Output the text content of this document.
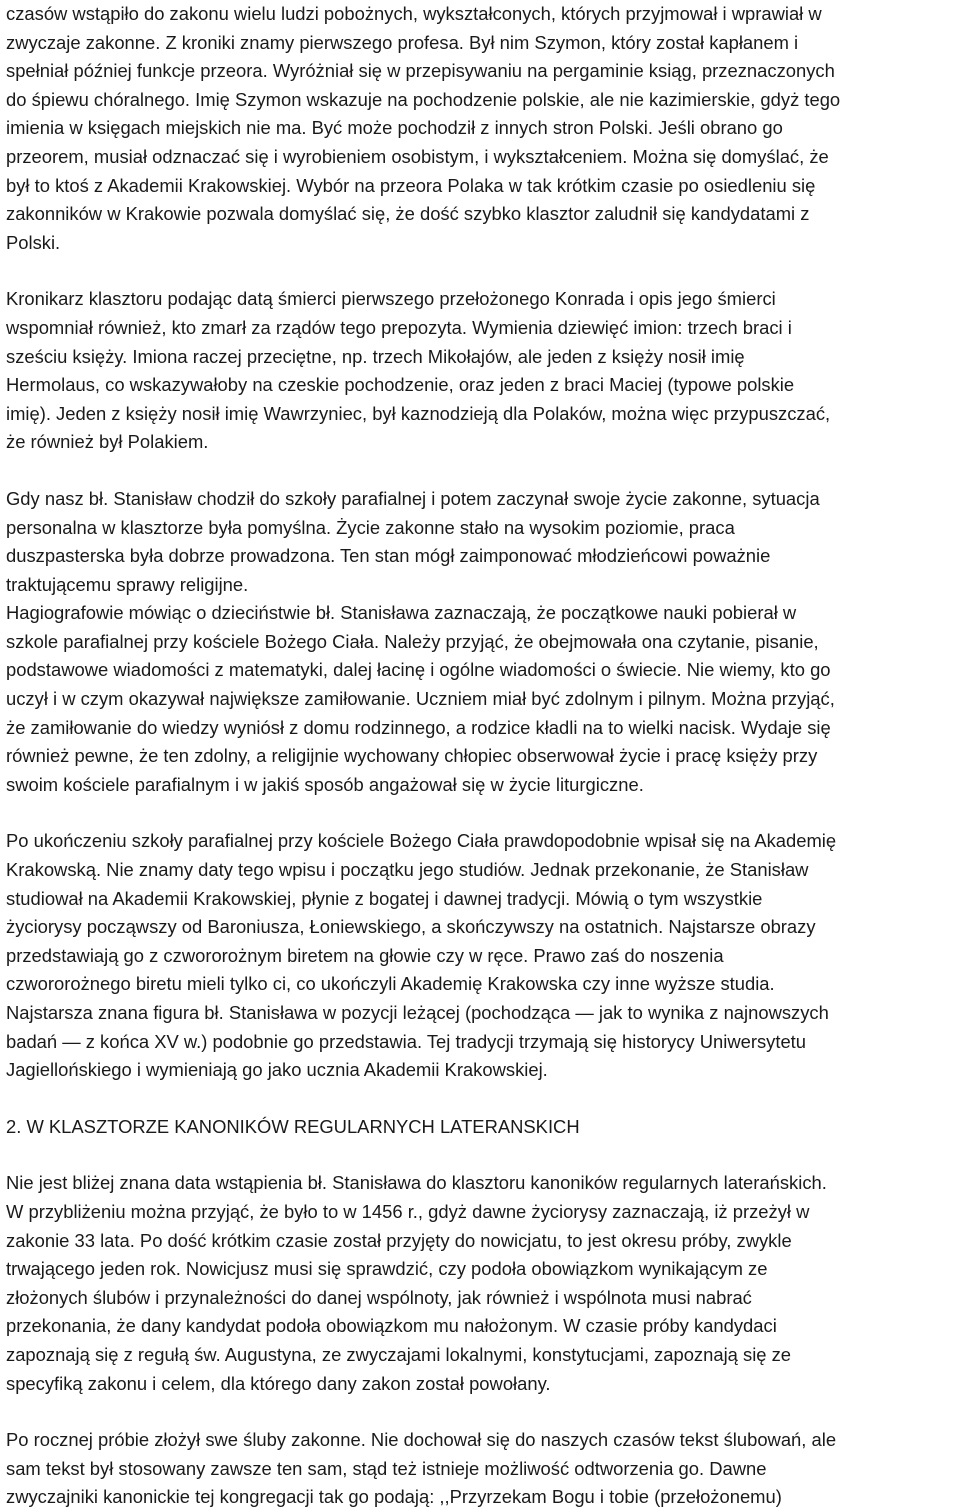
czasów wstąpiło do zakonu wielu ludzi pobożnych, wykształconych, których przyjmował i wprawiał w
zwyczaje zakonne. Z kroniki znamy pierwszego profesa. Był nim Szymon, który został kapłanem i
spełniał później funkcje przeora. Wyróżniał się w przepisywaniu na pergaminie ksiąg, przeznaczonych
do śpiewu chóralnego. Imię Szymon wskazuje na pochodzenie polskie, ale nie kazimierskie, gdyż tego
imienia w księgach miejskich nie ma. Być może pochodził z innych stron Polski. Jeśli obrano go
przeorem, musiał odznaczać się i wyrobieniem osobistym, i wykształceniem. Można się domyślać, że
był to ktoś z Akademii Krakowskiej. Wybór na przeora Polaka w tak krótkim czasie po osiedleniu się
zakonników w Krakowie pozwala domyślać się, że dość szybko klasztor zaludnił się kandydatami z
Polski.

Kronikarz klasztoru podając datą śmierci pierwszego przełożonego Konrada i opis jego śmierci
wspomniał również, kto zmarł za rządów tego prepozyta. Wymienia dziewięć imion: trzech braci i
sześciu księży. Imiona raczej przeciętne, np. trzech Mikołajów, ale jeden z księży nosił imię
Hermolaus, co wskazywałoby na czeskie pochodzenie, oraz jeden z braci Maciej (typowe polskie
imię). Jeden z księży nosił imię Wawrzyniec, był kaznodzieją dla Polaków, można więc przypuszczać,
że również był Polakiem.

Gdy nasz bł. Stanisław chodził do szkoły parafialnej i potem zaczynał swoje życie zakonne, sytuacja
personalna w klasztorze była pomyślna. Życie zakonne stało na wysokim poziomie, praca
duszpasterska była dobrze prowadzona. Ten stan mógł zaimponować młodzieńcowi poważnie
traktującemu sprawy religijne.

Hagiografowie mówiąc o dzieciństwie bł. Stanisława zaznaczają, że początkowe nauki pobierał w
szkole parafialnej przy kościele Bożego Ciała. Należy przyjąć, że obejmowała ona czytanie, pisanie,
podstawowe wiadomości z matematyki, dalej łacinę i ogólne wiadomości o świecie. Nie wiemy, kto go
uczył i w czym okazywał największe zamiłowanie. Uczniem miał być zdolnym i pilnym. Można przyjąć,
że zamiłowanie do wiedzy wyniósł z domu rodzinnego, a rodzice kładli na to wielki nacisk. Wydaje się
również pewne, że ten zdolny, a religijnie wychowany chłopiec obserwował życie i pracę księży przy
swoim kościele parafialnym i w jakiś sposób angażował się w życie liturgiczne.

Po ukończeniu szkoły parafialnej przy kościele Bożego Ciała prawdopodobnie wpisał się na Akademię
Krakowską. Nie znamy daty tego wpisu i początku jego studiów. Jednak przekonanie, że Stanisław
studiował na Akademii Krakowskiej, płynie z bogatej i dawnej tradycji. Mówią o tym wszystkie
życiorysy począwszy od Baroniusza, Łoniewskiego, a skończywszy na ostatnich. Najstarsze obrazy
przedstawiają go z czwororożnym biretem na głowie czy w ręce. Prawo zaś do noszenia
czwororożnego biretu mieli tylko ci, co ukończyli Akademię Krakowska czy inne wyższe studia.
Najstarsza znana figura bł. Stanisława w pozycji leżącej (pochodząca — jak to wynika z najnowszych
badań — z końca XV w.) podobnie go przedstawia. Tej tradycji trzymają się historycy Uniwersytetu
Jagiellońskiego i wymieniają go jako ucznia Akademii Krakowskiej.

2. W KLASZTORZE KANONIKÓW REGULARNYCH LATERANSKICH

Nie jest bliżej znana data wstąpienia bł. Stanisława do klasztoru kanoników regularnych laterańskich.
W przybliżeniu można przyjąć, że było to w 1456 r., gdyż dawne życiorysy zaznaczają, iż przeżył w
zakonie 33 lata. Po dość krótkim czasie został przyjęty do nowicjatu, to jest okresu próby, zwykle
trwającego jeden rok. Nowicjusz musi się sprawdzić, czy podoła obowiązkom wynikającym ze
złożonych ślubów i przynależności do danej wspólnoty, jak również i wspólnota musi nabrać
przekonania, że dany kandydat podoła obowiązkom mu nałożonym. W czasie próby kandydaci
zapoznają się z regułą św. Augustyna, ze zwyczajami lokalnymi, konstytucjami, zapoznają się ze
specyfiką zakonu i celem, dla którego dany zakon został powołany.

Po rocznej próbie złożył swe śluby zakonne. Nie dochował się do naszych czasów tekst ślubowań, ale
sam tekst był stosowany zawsze ten sam, stąd też istnieje możliwość odtworzenia go. Dawne
zwyczajniki kanonickie tej kongregacji tak go podają: ,,Przyrzekam Bogu i tobie (przełożonemu)
